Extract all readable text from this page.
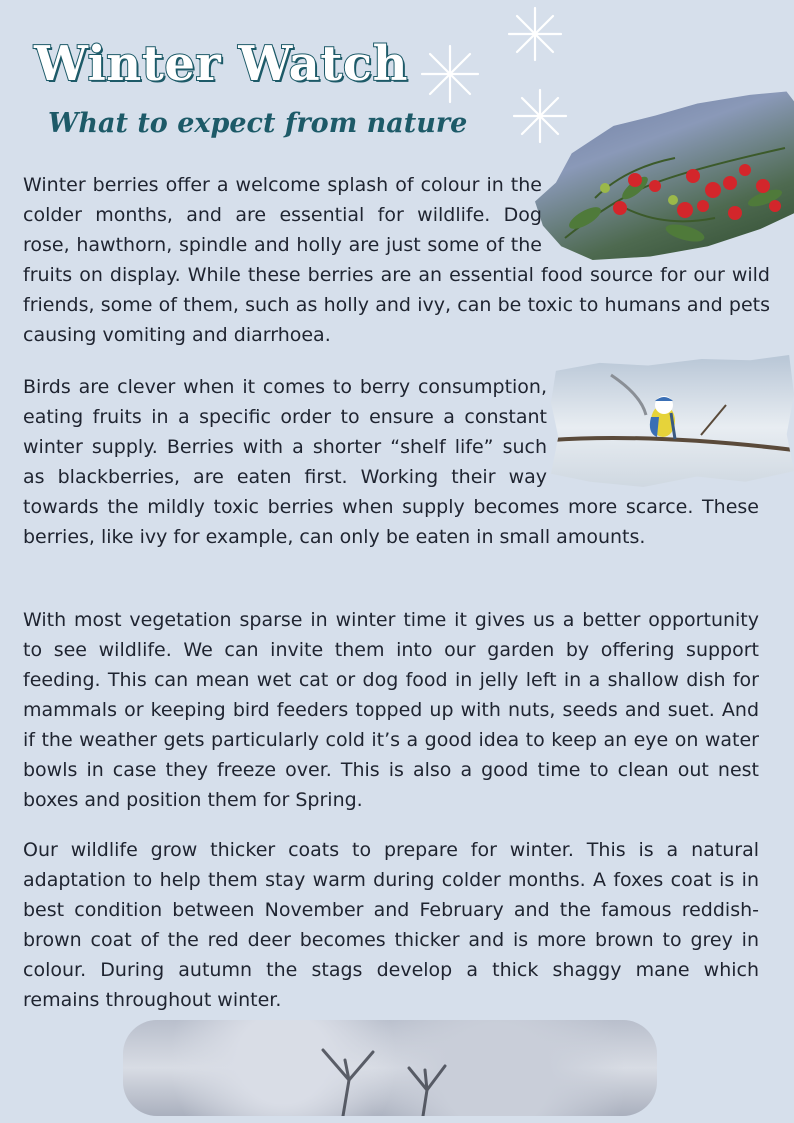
Winter Watch
What to expect from nature

Winter berries offer a welcome splash of colour in the colder months, and are essential for wildlife. Dog rose, hawthorn, spindle and holly are just some of the fruits on display. While these berries are an essential food source for our wild friends, some of them, such as holly and ivy, can be toxic to humans and pets causing vomiting and diarrhoea.

Birds are clever when it comes to berry consumption, eating fruits in a specific order to ensure a constant winter supply. Berries with a shorter “shelf life” such as blackberries, are eaten first. Working their way towards the mildly toxic berries when supply becomes more scarce. These berries, like ivy for example, can only be eaten in small amounts.

With most vegetation sparse in winter time it gives us a better opportunity to see wildlife. We can invite them into our garden by offering support feeding. This can mean wet cat or dog food in jelly left in a shallow dish for mammals or keeping bird feeders topped up with nuts, seeds and suet. And if the weather gets particularly cold it’s a good idea to keep an eye on water bowls in case they freeze over. This is also a good time to clean out nest boxes and position them for Spring.

Our wildlife grow thicker coats to prepare for winter. This is a natural adaptation to help them stay warm during colder months. A foxes coat is in best condition between November and February and the famous reddish-brown coat of the red deer becomes thicker and is more brown to grey in colour. During autumn the stags develop a thick shaggy mane which remains throughout winter.
